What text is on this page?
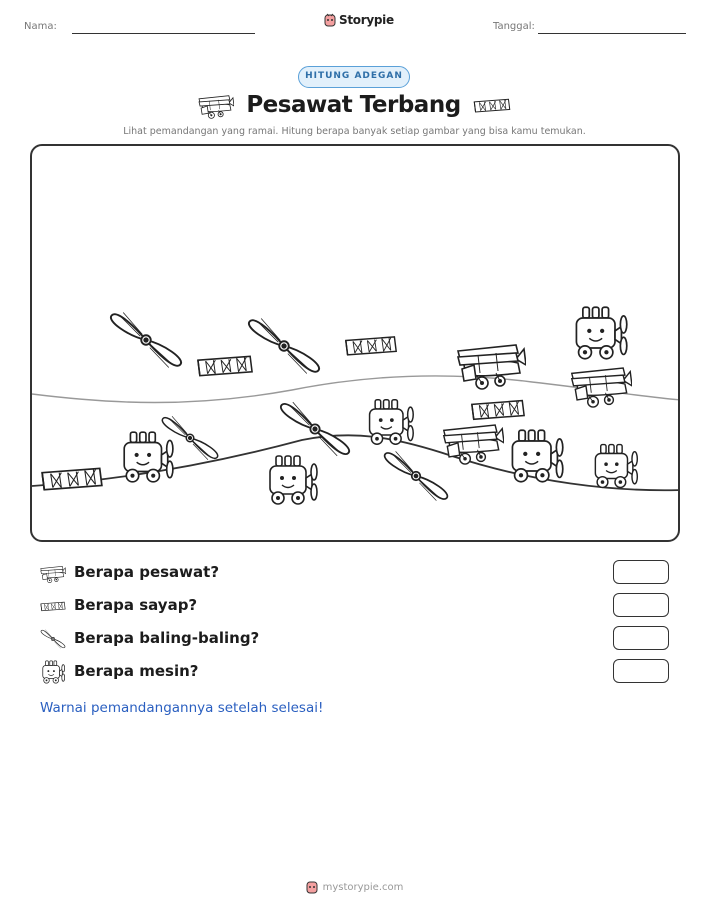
Nama:	Storypie	Tanggal:
HITUNG ADEGAN
Pesawat Terbang
Lihat pemandangan yang ramai. Hitung berapa banyak setiap gambar yang bisa kamu temukan.
Berapa pesawat?
Berapa sayap?
Berapa baling-baling?
Berapa mesin?
Warnai pemandangannya setelah selesai!
mystorypie.com
